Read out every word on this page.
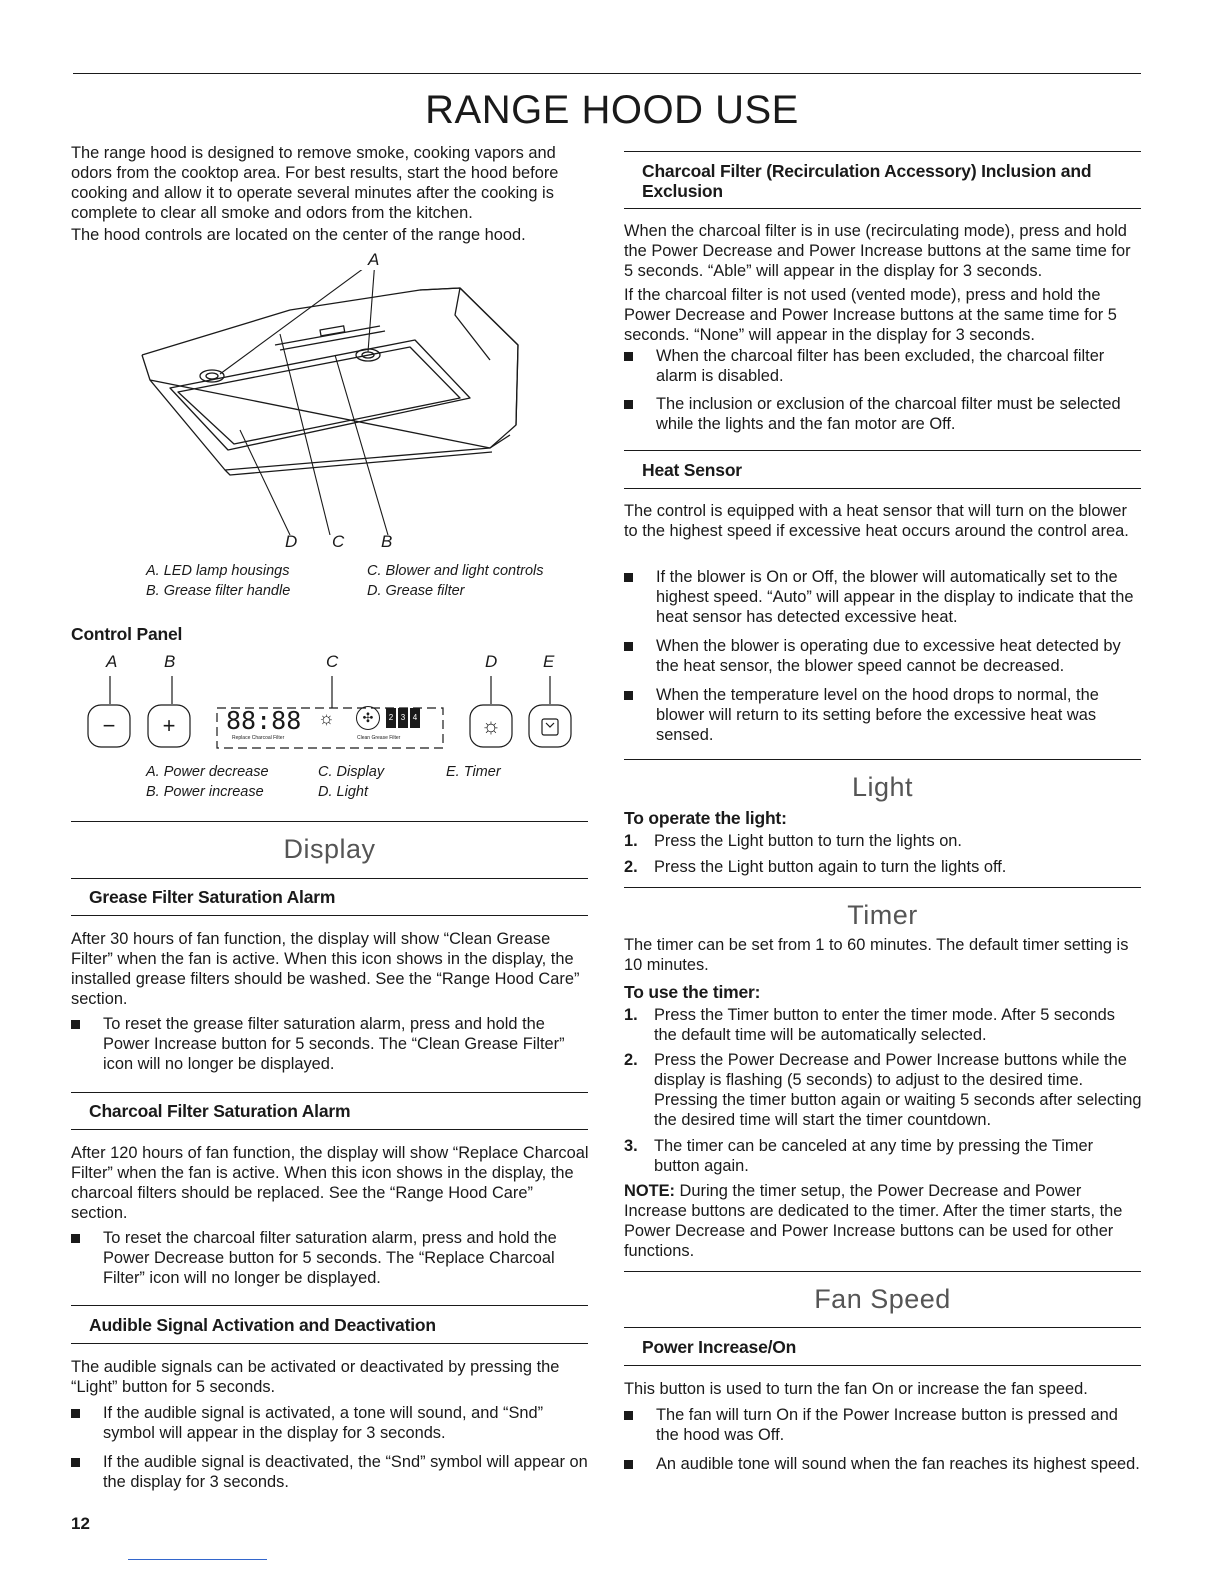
RANGE HOOD USE

The range hood is designed to remove smoke, cooking vapors and odors from the cooktop area. For best results, start the hood before cooking and allow it to operate several minutes after the cooking is complete to clear all smoke and odors from the kitchen.

The hood controls are located on the center of the range hood.

A
D C B
A. LED lamp housings
B. Grease filter handle
C. Blower and light controls
D. Grease filter
Control Panel
A	B	C	D	E
−	+	88:88
Replace Charcoal Filter
☼	✣
Clean Grease Filter
2 3 4	☼
A. Power decrease
B. Power increase
C. Display
D. Light
E. Timer
Display
Grease Filter Saturation Alarm

After 30 hours of fan function, the display will show “Clean Grease Filter” when the fan is active. When this icon shows in the display, the installed grease filters should be washed. See the “Range Hood Care” section.

To reset the grease filter saturation alarm, press and hold the Power Increase button for 5 seconds. The “Clean Grease Filter” icon will no longer be displayed.
Charcoal Filter Saturation Alarm

After 120 hours of fan function, the display will show “Replace Charcoal Filter” when the fan is active. When this icon shows in the display, the charcoal filters should be replaced. See the “Range Hood Care” section.

To reset the charcoal filter saturation alarm, press and hold the Power Decrease button for 5 seconds. The “Replace Charcoal Filter” icon will no longer be displayed.
Audible Signal Activation and Deactivation

The audible signals can be activated or deactivated by pressing the “Light” button for 5 seconds.

If the audible signal is activated, a tone will sound, and “Snd” symbol will appear in the display for 3 seconds.
If the audible signal is deactivated, the “Snd” symbol will appear on the display for 3 seconds.
12
Charcoal Filter (Recirculation Accessory) Inclusion and Exclusion

When the charcoal filter is in use (recirculating mode), press and hold the Power Decrease and Power Increase buttons at the same time for 5 seconds. “Able” will appear in the display for 3 seconds.

If the charcoal filter is not used (vented mode), press and hold the Power Decrease and Power Increase buttons at the same time for 5 seconds. “None” will appear in the display for 3 seconds.

When the charcoal filter has been excluded, the charcoal filter alarm is disabled.
The inclusion or exclusion of the charcoal filter must be selected while the lights and the fan motor are Off.
Heat Sensor

The control is equipped with a heat sensor that will turn on the blower to the highest speed if excessive heat occurs around the control area.

If the blower is On or Off, the blower will automatically set to the highest speed. “Auto” will appear in the display to indicate that the heat sensor has detected excessive heat.
When the blower is operating due to excessive heat detected by the heat sensor, the blower speed cannot be decreased.
When the temperature level on the hood drops to normal, the blower will return to its setting before the excessive heat was sensed.
Light
To operate the light:
1. Press the Light button to turn the lights on.
2. Press the Light button again to turn the lights off.
Timer

The timer can be set from 1 to 60 minutes. The default timer setting is 10 minutes.

To use the timer:
1. Press the Timer button to enter the timer mode. After 5 seconds the default time will be automatically selected.
2. Press the Power Decrease and Power Increase buttons while the display is flashing (5 seconds) to adjust to the desired time. Pressing the timer button again or waiting 5 seconds after selecting the desired time will start the timer countdown.
3. The timer can be canceled at any time by pressing the Timer button again.

NOTE: During the timer setup, the Power Decrease and Power Increase buttons are dedicated to the timer. After the timer starts, the Power Decrease and Power Increase buttons can be used for other functions.

Fan Speed
Power Increase/On

This button is used to turn the fan On or increase the fan speed.

The fan will turn On if the Power Increase button is pressed and the hood was Off.
An audible tone will sound when the fan reaches its highest speed.
